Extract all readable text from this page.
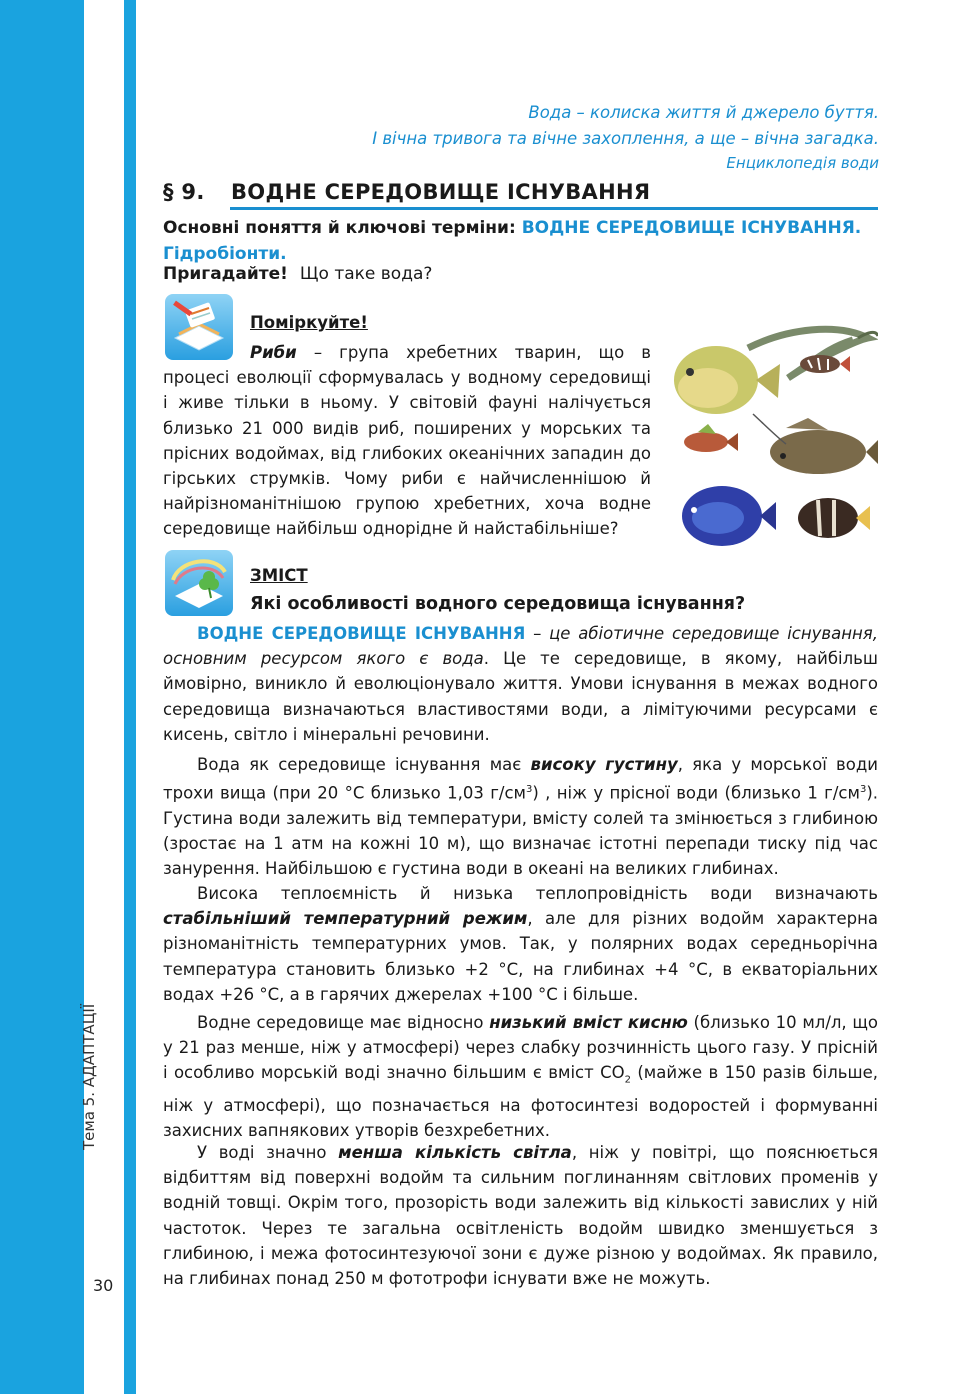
Тема 5. АДАПТАЦІЇ
30
Вода – колиска життя й джерело буття.
І вічна тривога та вічне захоплення, а ще – вічна загадка.
Енциклопедія води
§ 9. ВОДНЕ СЕРЕДОВИЩЕ ІСНУВАННЯ
Основні поняття й ключові терміни: ВОДНЕ СЕРЕДОВИЩЕ ІСНУВАННЯ. Гідробіонти.
Пригадайте! Що таке вода?
Поміркуйте!

Риби – група хребетних тварин, що в процесі еволюції сформувалась у водному середовищі і живе тільки в ньому. У світовій фауні налічується близько 21 000 видів риб, поширених у морських та прісних водоймах, від глибоких океанічних западин до гірських струмків. Чому риби є найчисленнішою й найрізноманітнішою групою хребетних, хоча водне середовище найбільш однорідне й найстабільніше?

ЗМІСТ
Які особливості водного середовища існування?

ВОДНЕ СЕРЕДОВИЩЕ ІСНУВАННЯ – це абіотичне середовище існування, основним ресурсом якого є вода. Це те середовище, в якому, найбільш ймовірно, виникло й еволюціонувало життя. Умови існування в межах водного середовища визначаються властивостями води, а лімітуючими ресурсами є кисень, світло і мінеральні речовини.

Вода як середовище існування має високу густину, яка у морської води трохи вища (при 20 °С близько 1,03 $г/см^3$) , ніж у прісної води (близько 1 $г/см^3$). Густина води залежить від температури, вмісту солей та змінюється з глибиною (зростає на 1 атм на кожні 10 м), що визначає істотні перепади тиску під час занурення. Найбільшою є густина води в океані на великих глибинах.

Висока теплоємність й низька теплопровідність води визначають стабільніший температурний режим, але для різних водойм характерна різноманітність температурних умов. Так, у полярних водах середньорічна температура становить близько +2 °С, на глибинах +4 °С, в екваторіальних водах +26 °С, а в гарячих джерелах +100 °С і більше.

Водне середовище має відносно низький вміст кисню (близько 10 мл/л, що у 21 раз менше, ніж у атмосфері) через слабку розчинність цього газу. У прісній і особливо морській воді значно більшим є вміст $CO_2$ (майже в 150 разів більше, ніж у атмосфері), що позначається на фотосинтезі водоростей і формуванні захисних вапнякових утворів безхребетних.

У воді значно менша кількість світла, ніж у повітрі, що пояснюється відбиттям від поверхні водойм та сильним поглинанням світлових променів у водній товщі. Окрім того, прозорість води залежить від кількості завислих у ній частоток. Через те загальна освітленість водойм швидко зменшується з глибиною, і межа фотосинтезуючої зони є дуже різною у водоймах. Як правило, на глибинах понад 250 м фототрофи існувати вже не можуть.
